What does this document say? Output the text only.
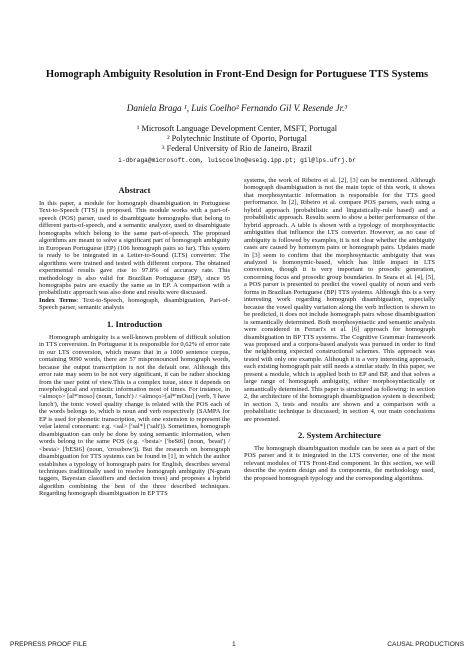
Homograph Ambiguity Resolution in Front-End Design for Portuguese TTS Systems
Daniela Braga ¹, Luis Coelho² Fernando Gil V. Resende Jr.³
¹ Microsoft Language Development Center, MSFT, Portugal
² Polytechnic Institute of Oporto, Portugal
³ Federal University of Rio de Janeiro, Brazil
i-dbraga@microsoft.com, luiscoelho@eseig.ipp.pt; gil@lps.ufrj.br
Abstract

In this paper, a module for homograph disambiguation in Portuguese Text-to-Speech (TTS) is proposed. This module works with a part-of-speech (POS) parser, used to disambiguate homographs that belong to different parts-of-speech, and a semantic analyzer, used to disambiguate homographs which belong to the same part-of-speech. The proposed algorithms are meant to solve a significant part of homograph ambiguity in European Portuguese (EP) (106 homograph pairs so far). This system is ready to be integrated in a Letter-to-Sound (LTS) converter. The algorithms were trained and tested with different corpora. The obtained experimental results gave rise to 97.8% of accuracy rate. This methodology is also valid for Brazilian Portuguese (BP), since 95 homographs pairs are exactly the same as in EP. A comparison with a probabilistic approach was also done and results were discussed.

Index Terms: Text-to-Speech, homograph, disambiguation, Part-of-Speech parser, semantic analysis

1. Introduction

Homograph ambiguity is a well-known problem of difficult solution in TTS conversion. In Portuguese it is responsible for 0,62% of error rate in our LTS conversion, which means that in a 1000 sentence corpus, containing 9090 words, there are 57 mispronounced homograph words, because the output transcription is not the default one. Although this error rate may seem to be not very significant, it can be rather shocking from the user point of view.This is a complex issue, since it depends on morphological and syntactic information most of times. For instance, in <almoço> [al*'moso] (noun, 'lunch') / <almoço>[al*'mOsu] (verb, 'I have lunch'), the tonic vowel quality change is related with the POS each of the words belongs to, which is noun and verb respectively (SAMPA for EP is used for phonetic transcription, with one extension to represent the velar lateral consonant: e.g. <sal> ['sal*] ('salt')). Sometimes, homograph disambiguation can only be done by using semantic information, when words belong to the same POS (e.g. <besta> ['beSt6] (noun, 'beast') / <besta> ['bESt6] (noun, 'crossbow')). But the research on homograph disambiguation for TTS systems can be found in [1], in which the author establishes a typology of homograph pairs for English, describes several techniques traditionally used to resolve homograph ambiguity (N-gram taggers, Bayesian classifiers and decision trees) and proposes a hybrid algorithm combining the best of the three described techniques. Regarding homograph disambiguation in EP TTS

systems, the work of Ribeiro et al. [2], [3] can be mentioned. Although homograph disambiguation is not the main topic of this work, it shows that morphosyntactic information is responsible for the TTS good performance. In [2], Ribeiro et al. compare POS parsers, each using a hybrid approach (probabilistic and linguistically-rule based) and a probabilistic approach. Results seem to show a better performance of the hybrid approach. A table is shown with a typology of morphosyntactic ambiguities that influence the LTS converter. However, as no case of ambiguity is followed by examples, it is not clear whether the ambiguity cases are caused by homonym pairs or homograph pairs. Updates made in [3] seem to confirm that the morphosyntactic ambiguity that was analyzed is homonymic-based, which has little impact in LTS conversion, though it is very important to prosodic generation, concerning focus and prosodic group boundaries. In Seara et al. [4], [5], a POS parser is presented to predict the vowel quality of noun and verb forms in Brazilian Portuguese (BP) TTS systems. Although this is a very interesting work regarding homograph disambiguation, especially because the vowel quality variation along the verb inflection is shown to be predicted, it does not include homograph pairs whose disambiguation is semantically determined. Both morphosyntactic and semantic analysis were considered in Ferrari's et al. [6] approach for homograph disambiguation in BP TTS systems. The Cognitive Grammar framework was proposed and a corpora-based analysis was pursued in order to find the neighboring expected constructional schemes. This approach was tested with only one example. Although it is a very interesting approach, each existing homograph pair still needs a similar study. In this paper, we present a module, which is applied both to EP and BP, and that solves a large range of homograph ambiguity, either morphosyntactically or semantically determined. This paper is structured as following: in section 2, the architecture of the homograph disambiguation system is described; in section 3, tests and results are shown and a comparison with a probabilistic technique is discussed; in section 4, our main conclusions are presented.

2. System Architecture

The homograph disambiguation module can be seen as a part of the POS parser and it is integrated in the LTS converter, one of the most relevant modules of TTS Front-End component. In this section, we will describe the system design and its components, the methodology used, the proposed homograph typology and the corresponding algorithms.

PREPRESS PROOF FILE	1	CAUSAL PRODUCTIONS
